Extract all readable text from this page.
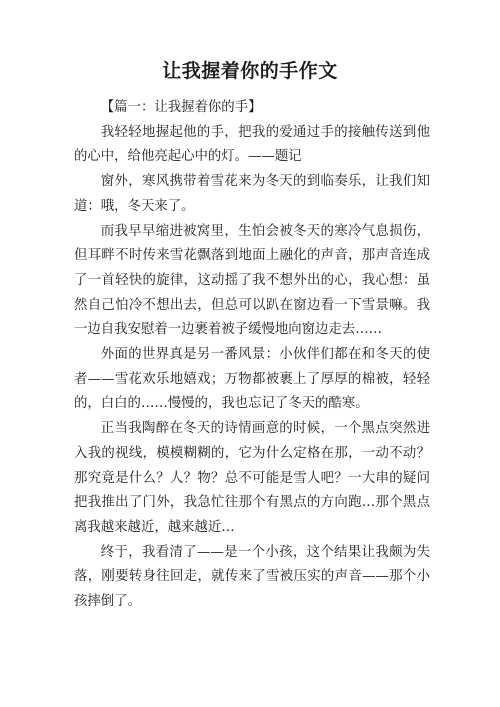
让我握着你的手作文

【篇一：让我握着你的手】

我轻轻地握起他的手，把我的爱通过手的接触传送到他的心中，给他亮起心中的灯。——题记

窗外，寒风携带着雪花来为冬天的到临奏乐，让我们知道：哦，冬天来了。

而我早早缩进被窝里，生怕会被冬天的寒冷气息损伤，但耳畔不时传来雪花飘落到地面上融化的声音，那声音连成了一首轻快的旋律，这动摇了我不想外出的心，我心想：虽然自己怕冷不想出去，但总可以趴在窗边看一下雪景嘛。我一边自我安慰着一边裹着被子缓慢地向窗边走去……

外面的世界真是另一番风景：小伙伴们都在和冬天的使者——雪花欢乐地嬉戏；万物都被裹上了厚厚的棉被，轻轻的，白白的……慢慢的，我也忘记了冬天的酷寒。

正当我陶醉在冬天的诗情画意的时候，一个黑点突然进入我的视线，模模糊糊的，它为什么定格在那，一动不动？那究竟是什么？人？物？总不可能是雪人吧？一大串的疑问把我推出了门外，我急忙往那个有黑点的方向跑…那个黑点离我越来越近，越来越近…

终于，我看清了——是一个小孩，这个结果让我颇为失落，刚要转身往回走，就传来了雪被压实的声音——那个小孩摔倒了。
